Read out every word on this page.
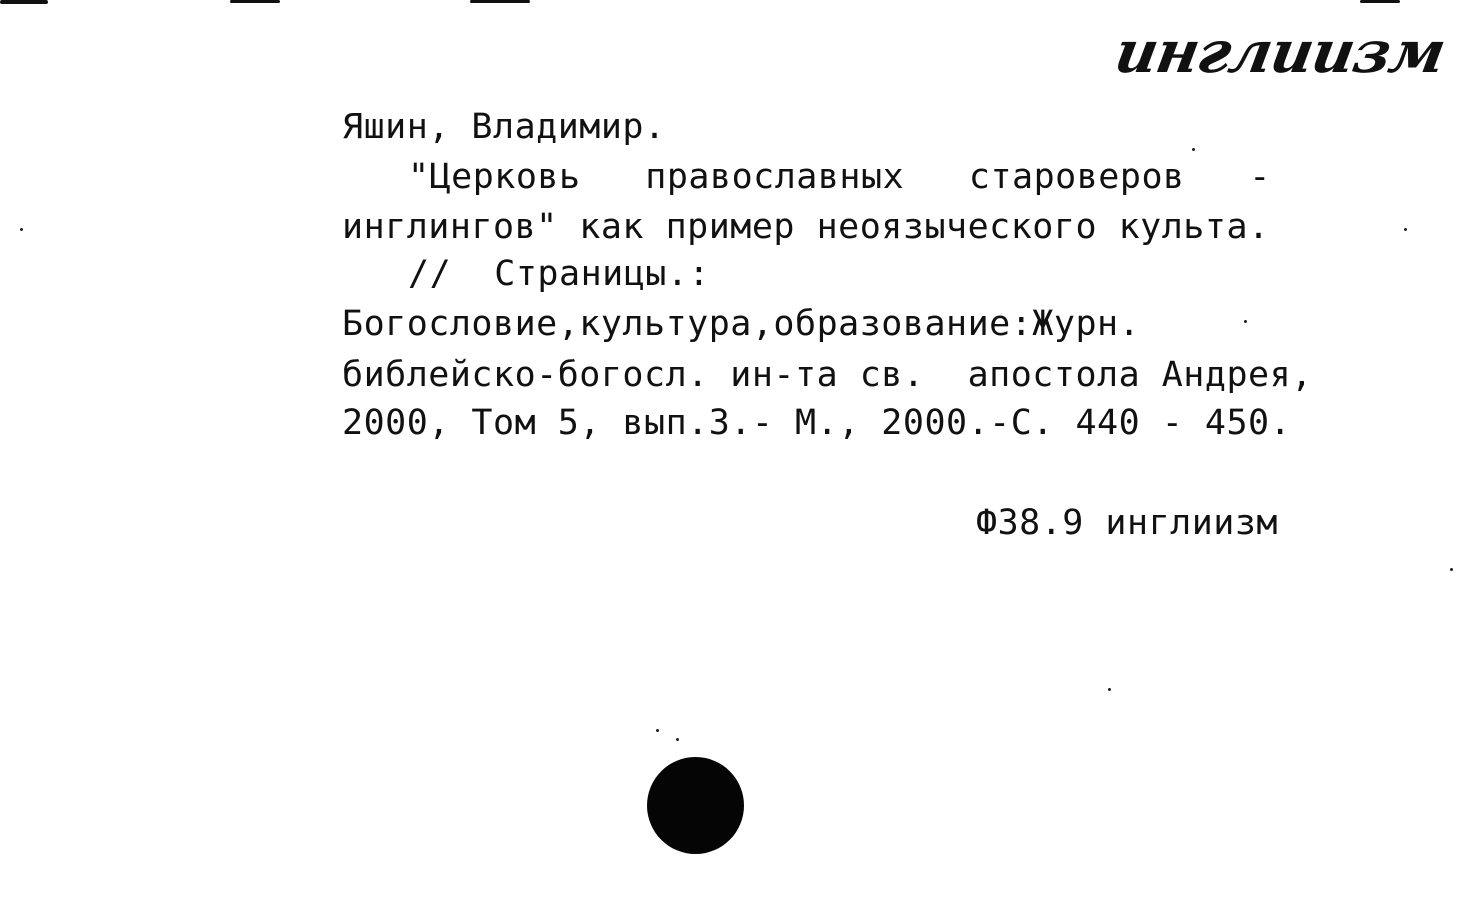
инглиизм
Яшин, Владимир.
"Церковь   православных   староверов   -
инглингов" как пример неоязыческого культа.
//  Страницы.:
Богословие,культура,образование:Журн.
библейско-богосл. ин-та св.  апостола Андрея,
2000, Том 5, вып.3.- М., 2000.-С. 440 - 450.
Ф38.9 инглиизм
